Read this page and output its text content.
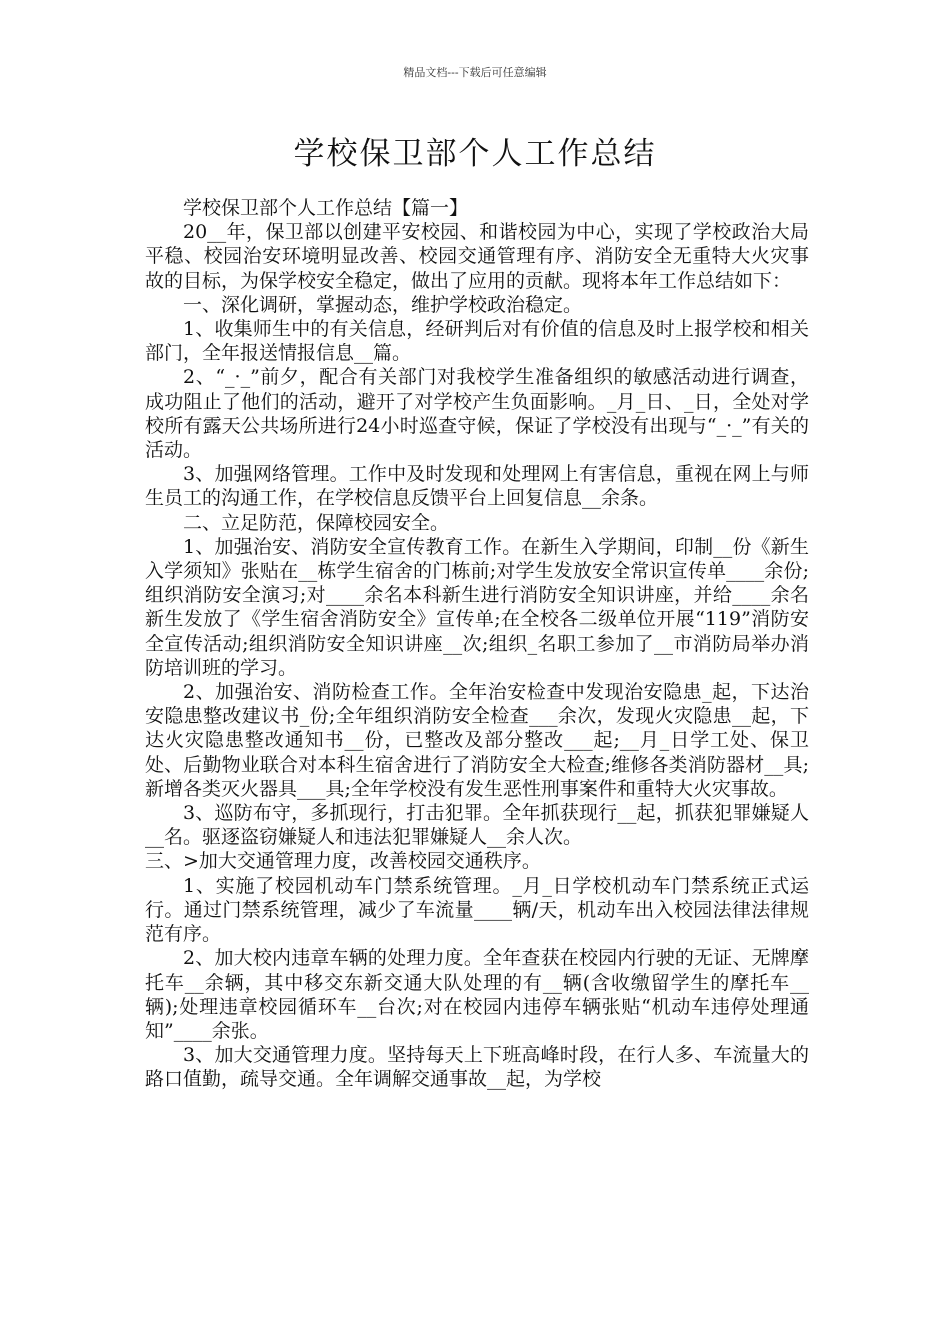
精品文档---下载后可任意编辑
学校保卫部个人工作总结

学校保卫部个人工作总结【篇一】

20__年，保卫部以创建平安校园、和谐校园为中心，实现了学校政治大局平稳、校园治安环境明显改善、校园交通管理有序、消防安全无重特大火灾事故的目标，为保学校安全稳定，做出了应用的贡献。现将本年工作总结如下：

一、深化调研，掌握动态，维护学校政治稳定。

1、收集师生中的有关信息，经研判后对有价值的信息及时上报学校和相关部门，全年报送情报信息__篇。

2、“_·_”前夕，配合有关部门对我校学生准备组织的敏感活动进行调查，成功阻止了他们的活动，避开了对学校产生负面影响。_月_日、_日，全处对学校所有露天公共场所进行24小时巡查守候，保证了学校没有出现与“_·_”有关的活动。

3、加强网络管理。工作中及时发现和处理网上有害信息，重视在网上与师生员工的沟通工作，在学校信息反馈平台上回复信息__余条。

二、立足防范，保障校园安全。

1、加强治安、消防安全宣传教育工作。在新生入学期间，印制__份《新生入学须知》张贴在__栋学生宿舍的门栋前;对学生发放安全常识宣传单____余份;组织消防安全演习;对____余名本科新生进行消防安全知识讲座，并给____余名新生发放了《学生宿舍消防安全》宣传单;在全校各二级单位开展“119”消防安全宣传活动;组织消防安全知识讲座__次;组织_名职工参加了__市消防局举办消防培训班的学习。

2、加强治安、消防检查工作。全年治安检查中发现治安隐患_起，下达治安隐患整改建议书_份;全年组织消防安全检查___余次，发现火灾隐患__起，下达火灾隐患整改通知书__份，已整改及部分整改___起;__月_日学工处、保卫处、后勤物业联合对本科生宿舍进行了消防安全大检查;维修各类消防器材__具;新增各类灭火器具___具;全年学校没有发生恶性刑事案件和重特大火灾事故。

3、巡防布守，多抓现行，打击犯罪。全年抓获现行__起，抓获犯罪嫌疑人__名。驱逐盗窃嫌疑人和违法犯罪嫌疑人__余人次。

三、>加大交通管理力度，改善校园交通秩序。

1、实施了校园机动车门禁系统管理。_月_日学校机动车门禁系统正式运行。通过门禁系统管理，减少了车流量____辆/天，机动车出入校园法律法律规范有序。

2、加大校内违章车辆的处理力度。全年查获在校园内行驶的无证、无牌摩托车__余辆，其中移交东新交通大队处理的有__辆(含收缴留学生的摩托车__辆);处理违章校园循环车__台次;对在校园内违停车辆张贴“机动车违停处理通知”____余张。

3、加大交通管理力度。坚持每天上下班高峰时段，在行人多、车流量大的路口值勤，疏导交通。全年调解交通事故__起，为学校
